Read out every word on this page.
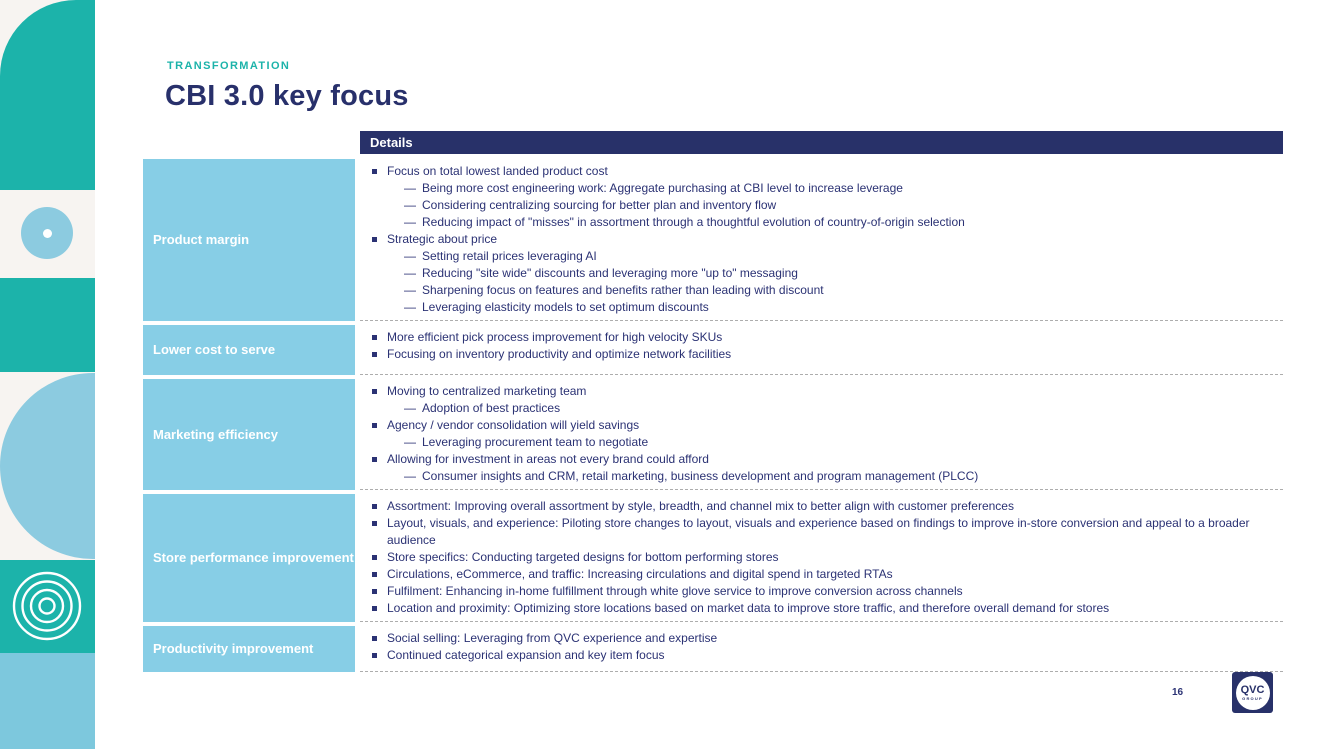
TRANSFORMATION
CBI 3.0 key focus
Details
Product margin
Focus on total lowest landed product cost
— Being more cost engineering work: Aggregate purchasing at CBI level to increase leverage
— Considering centralizing sourcing for better plan and inventory flow
— Reducing impact of "misses" in assortment through a thoughtful evolution of country-of-origin selection
Strategic about price
— Setting retail prices leveraging AI
— Reducing "site wide" discounts and leveraging more "up to" messaging
— Sharpening focus on features and benefits rather than leading with discount
— Leveraging elasticity models to set optimum discounts
Lower cost to serve
More efficient pick process improvement for high velocity SKUs
Focusing on inventory productivity and optimize network facilities
Marketing efficiency
Moving to centralized marketing team
— Adoption of best practices
Agency / vendor consolidation will yield savings
— Leveraging procurement team to negotiate
Allowing for investment in areas not every brand could afford
— Consumer insights and CRM, retail marketing, business development and program management (PLCC)
Store performance improvement
Assortment: Improving overall assortment by style, breadth, and channel mix to better align with customer preferences
Layout, visuals, and experience: Piloting store changes to layout, visuals and experience based on findings to improve in-store conversion and appeal to a broader audience
Store specifics: Conducting targeted designs for bottom performing stores
Circulations, eCommerce, and traffic: Increasing circulations and digital spend in targeted RTAs
Fulfilment: Enhancing in-home fulfillment through white glove service to improve conversion across channels
Location and proximity: Optimizing store locations based on market data to improve store traffic, and therefore overall demand for stores
Productivity improvement
Social selling: Leveraging from QVC experience and expertise
Continued categorical expansion and key item focus
16	QVC
GROUP
